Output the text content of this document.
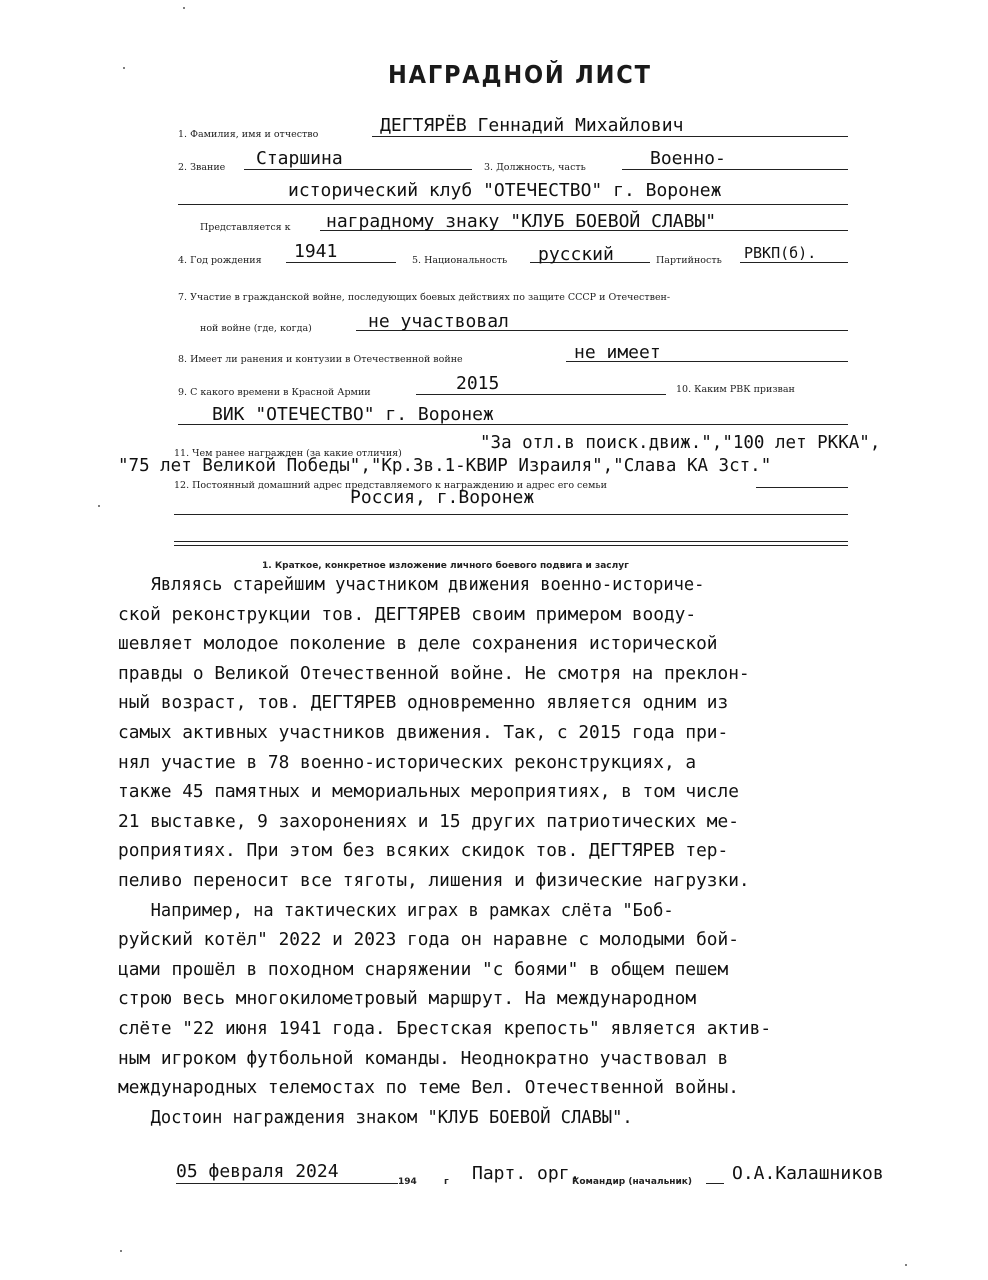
НАГРАДНОЙ ЛИСТ
1. Фамилия, имя и отчество	ДЕГТЯРЁВ Геннадий Михайлович
2. Звание Старшина	3. Должность, часть	Военно-
исторический клуб "ОТЕЧЕСТВО" г. Воронеж
Представляется к наградному знаку "КЛУБ БОЕВОЙ СЛАВЫ"
4. Год рождения 1941	5. Национальность русский	Партийность РВКП(б).
7. Участие в гражданской войне, последующих боевых действиях по защите СССР и Отечествен-
ной войне (где, когда)	не участвовал
8. Имеет ли ранения и контузии в Отечественной войне	не имеет
9. С какого времени в Красной Армии	2015	10. Каким РВК призван
ВИК "ОТЕЧЕСТВО" г. Воронеж
11. Чем ранее награжден (за какие отличия)
"За отл.в поиск.движ.","100 лет РККА",
"75 лет Великой Победы","Кр.Зв.1-КВИР Израиля","Слава КА 3ст."
12. Постоянный домашний адрес представляемого к награждению и адрес его семьи
Россия, г.Воронеж
1. Краткое, конкретное изложение личного боевого подвига и заслуг
Являясь старейшим участником движения военно-историче-
ской реконструкции тов. ДЕГТЯРЕВ своим примером воодy-
шевляет молодое поколение в деле сохранения исторической
правды о Великой Отечественной войне. Не смотря на преклон-
ный возраст, тов. ДЕГТЯРЕВ одновременно является одним из
самых активных участников движения. Так, с 2015 года при-
нял участие в 78 военно-исторических реконструкциях, а
также 45 памятных и мемориальных мероприятиях, в том числе
21 выставке, 9 захоронениях и 15 других патриотических ме-
роприятиях. При этом без всяких скидок тов. ДЕГТЯРЕВ тер-
пеливо переносит все тяготы, лишения и физические нагрузки.
Например, на тактических играх в рамках слёта "Боб-
руйский котёл" 2022 и 2023 года он наравне с молодыми бой-
цами прошёл в походном снаряжении "с боями" в общем пешем
строю весь многокилометровый маршрут. На международном
слёте "22 июня 1941 года. Брестская крепость" является актив-
ным игроком футбольной команды. Неоднократно участвовал в
международных телемостах по теме Вел. Отечественной войны.
Достоин награждения знаком "КЛУБ БОЕВОЙ СЛАВЫ".
05 февраля 2024	194	г Парт. орг.
Командир (начальник) О.А.Калашников
